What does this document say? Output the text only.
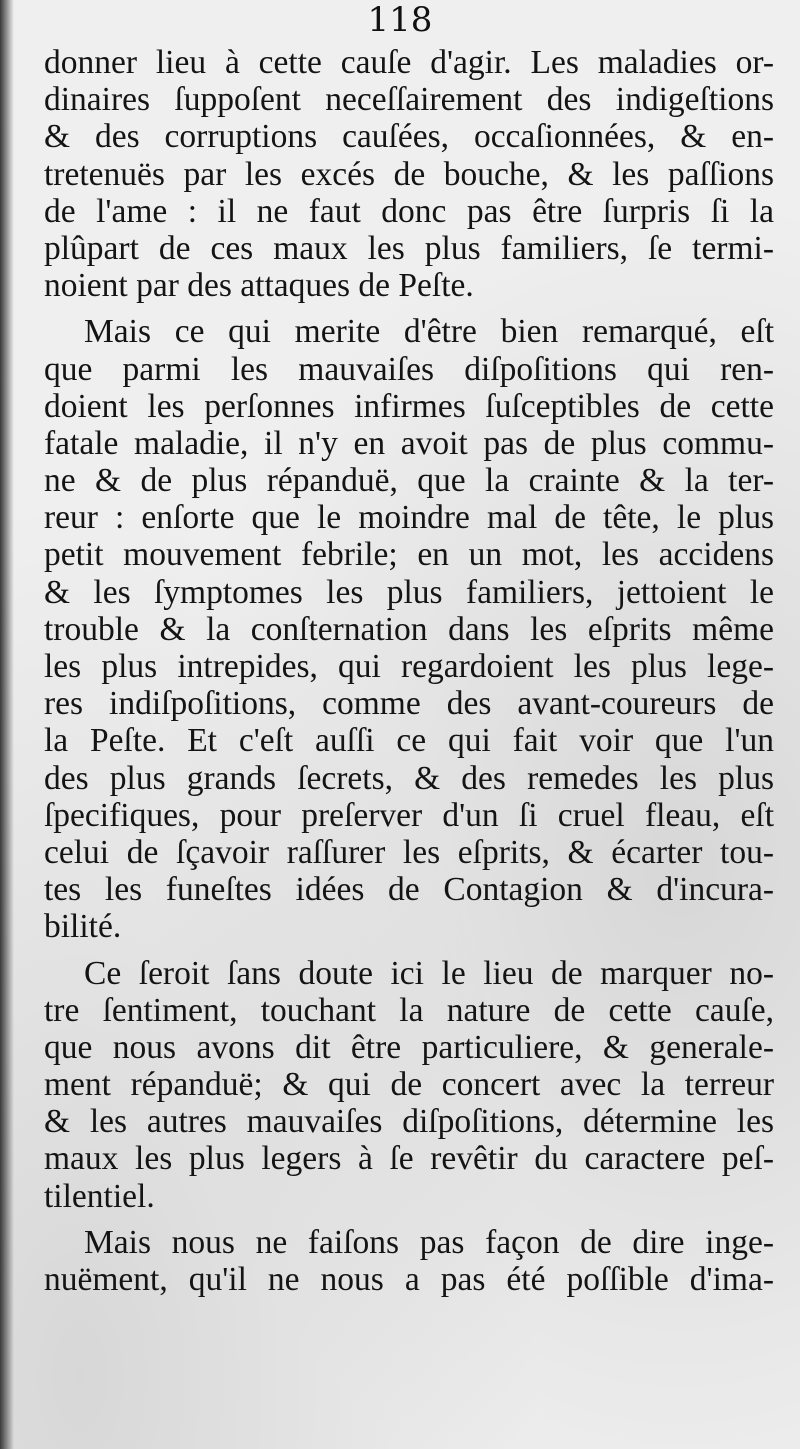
118
donner lieu à cette cauſe d'agir. Les maladies or-
dinaires ſuppoſent neceſſairement des indigeſtions
& des corruptions cauſées, occaſionnées, & en-
tretenuës par les excés de bouche, & les paſſions
de l'ame : il ne faut donc pas être ſurpris ſi la
plûpart de ces maux les plus familiers, ſe termi-
noient par des attaques de Peſte.
Mais ce qui merite d'être bien remarqué, eſt
que parmi les mauvaiſes diſpoſitions qui ren-
doient les perſonnes infirmes ſuſceptibles de cette
fatale maladie, il n'y en avoit pas de plus commu-
ne & de plus répanduë, que la crainte & la ter-
reur : enſorte que le moindre mal de tête, le plus
petit mouvement febrile; en un mot, les accidens
& les ſymptomes les plus familiers, jettoient le
trouble & la conſternation dans les eſprits même
les plus intrepides, qui regardoient les plus lege-
res indiſpoſitions, comme des avant-coureurs de
la Peſte. Et c'eſt auſſi ce qui fait voir que l'un
des plus grands ſecrets, & des remedes les plus
ſpecifiques, pour preſerver d'un ſi cruel fleau, eſt
celui de ſçavoir raſſurer les eſprits, & écarter tou-
tes les funeſtes idées de Contagion & d'incura-
bilité.
Ce ſeroit ſans doute ici le lieu de marquer no-
tre ſentiment, touchant la nature de cette cauſe,
que nous avons dit être particuliere, & generale-
ment répanduë; & qui de concert avec la terreur
& les autres mauvaiſes diſpoſitions, détermine les
maux les plus legers à ſe revêtir du caractere peſ-
tilentiel.
Mais nous ne faiſons pas façon de dire inge-
nuëment, qu'il ne nous a pas été poſſible d'ima-
